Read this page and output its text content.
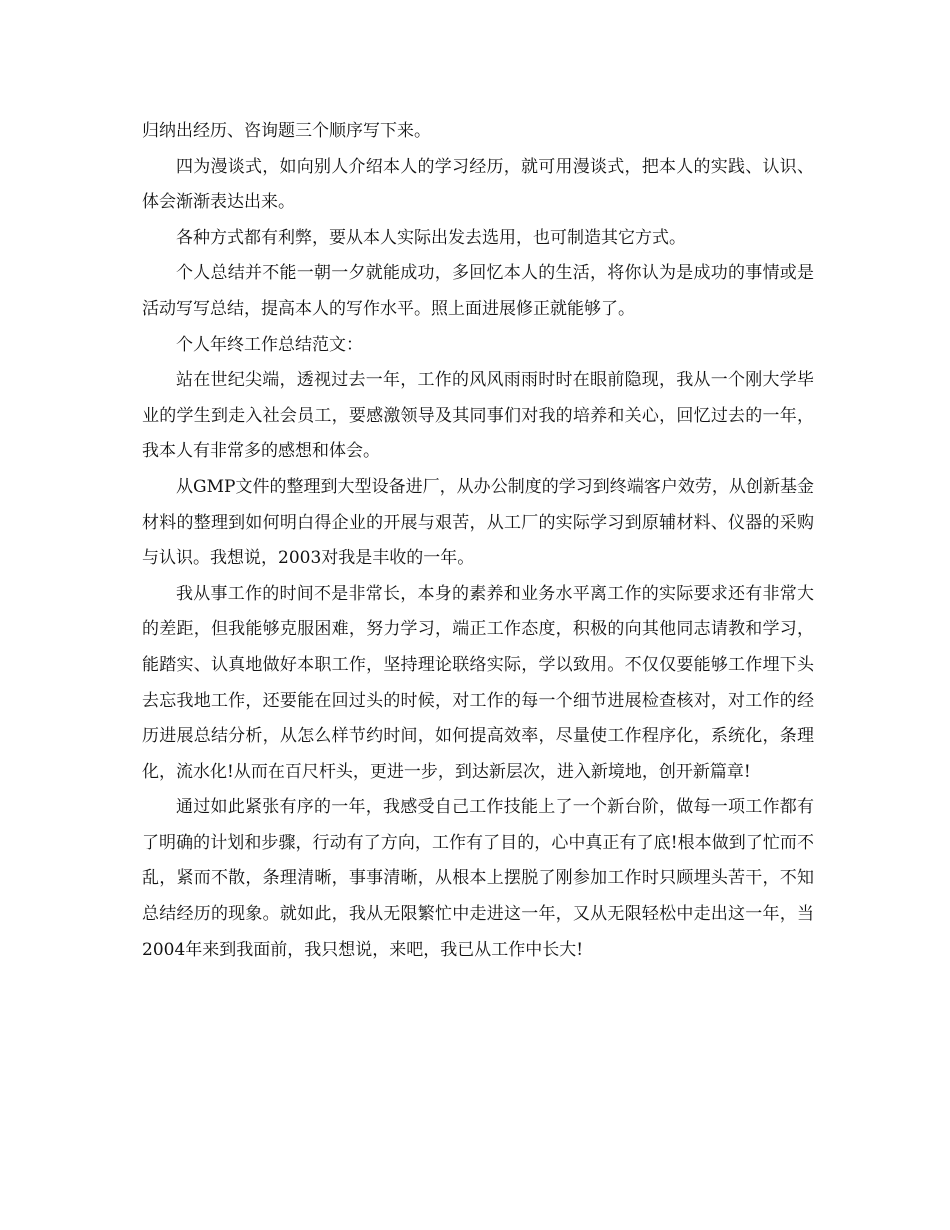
归纳出经历、咨询题三个顺序写下来。

四为漫谈式，如向别人介绍本人的学习经历，就可用漫谈式，把本人的实践、认识、体会渐渐表达出来。

各种方式都有利弊，要从本人实际出发去选用，也可制造其它方式。

个人总结并不能一朝一夕就能成功，多回忆本人的生活，将你认为是成功的事情或是活动写写总结，提高本人的写作水平。照上面进展修正就能够了。

个人年终工作总结范文：

站在世纪尖端，透视过去一年，工作的风风雨雨时时在眼前隐现，我从一个刚大学毕业的学生到走入社会员工，要感激领导及其同事们对我的培养和关心，回忆过去的一年，我本人有非常多的感想和体会。

从GMP文件的整理到大型设备进厂，从办公制度的学习到终端客户效劳，从创新基金材料的整理到如何明白得企业的开展与艰苦，从工厂的实际学习到原辅材料、仪器的采购与认识。我想说，2003对我是丰收的一年。

我从事工作的时间不是非常长，本身的素养和业务水平离工作的实际要求还有非常大的差距，但我能够克服困难，努力学习，端正工作态度，积极的向其他同志请教和学习，能踏实、认真地做好本职工作，坚持理论联络实际，学以致用。不仅仅要能够工作埋下头去忘我地工作，还要能在回过头的时候，对工作的每一个细节进展检查核对，对工作的经历进展总结分析，从怎么样节约时间，如何提高效率，尽量使工作程序化，系统化，条理化，流水化!从而在百尺杆头，更进一步，到达新层次，进入新境地，创开新篇章!

通过如此紧张有序的一年，我感受自己工作技能上了一个新台阶，做每一项工作都有了明确的计划和步骤，行动有了方向，工作有了目的，心中真正有了底!根本做到了忙而不乱，紧而不散，条理清晰，事事清晰，从根本上摆脱了刚参加工作时只顾埋头苦干，不知总结经历的现象。就如此，我从无限繁忙中走进这一年，又从无限轻松中走出这一年，当2004年来到我面前，我只想说，来吧，我已从工作中长大!
